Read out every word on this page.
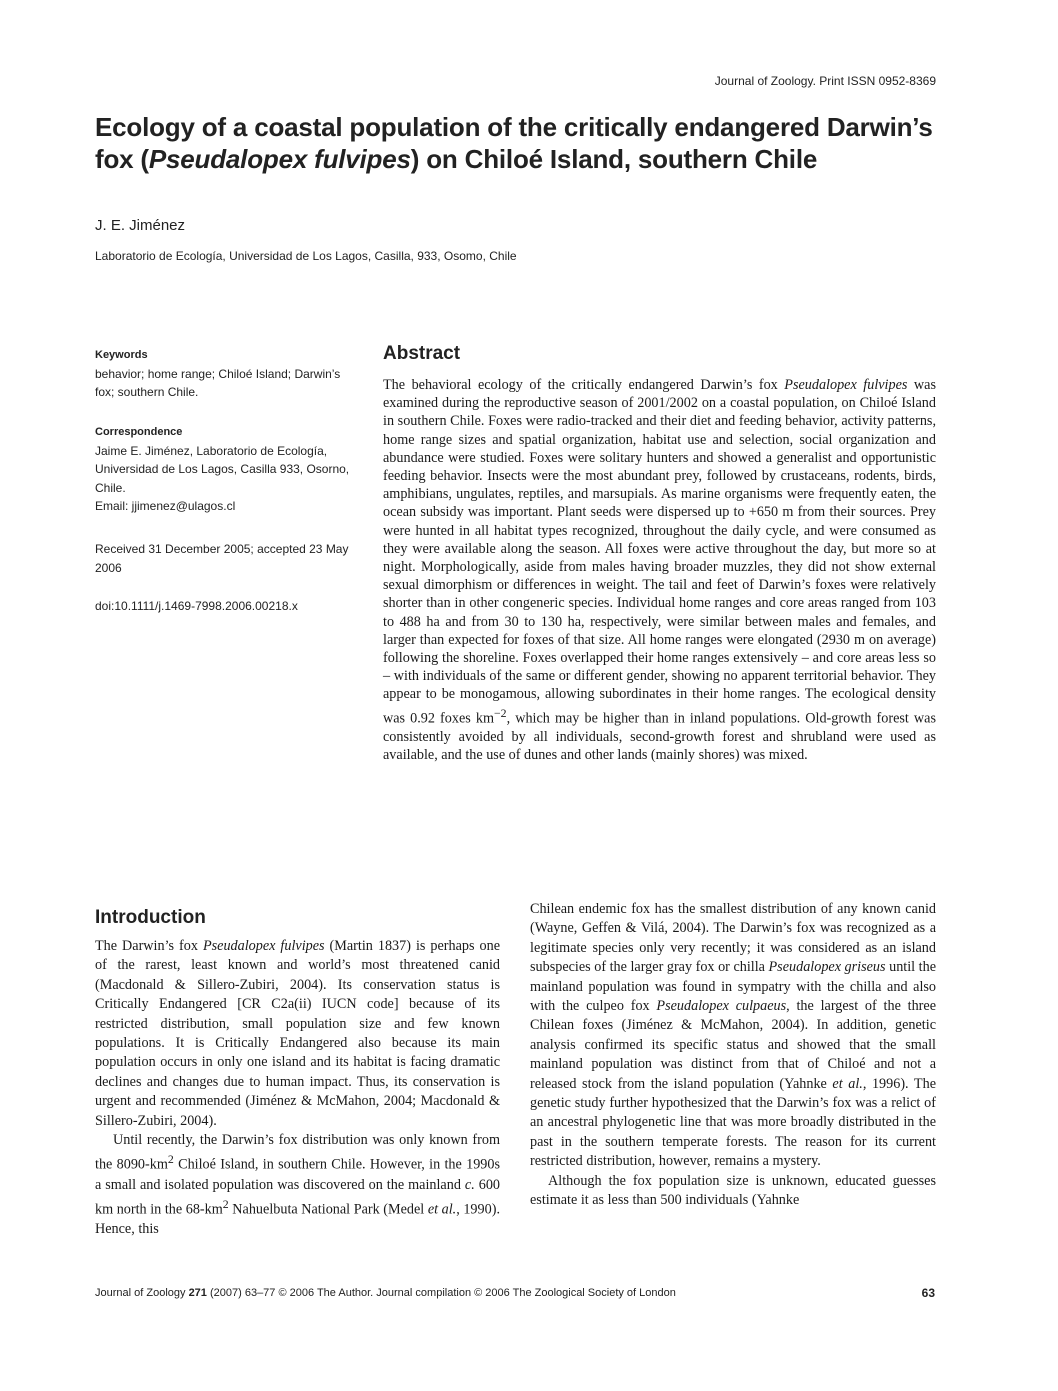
Journal of Zoology. Print ISSN 0952-8369
Ecology of a coastal population of the critically endangered Darwin’s fox (Pseudalopex fulvipes) on Chiloé Island, southern Chile
J. E. Jiménez
Laboratorio de Ecología, Universidad de Los Lagos, Casilla, 933, Osomo, Chile
Keywords
behavior; home range; Chiloé Island; Darwin’s fox; southern Chile.
Correspondence
Jaime E. Jiménez, Laboratorio de Ecología, Universidad de Los Lagos, Casilla 933, Osorno, Chile.
Email: jjimenez@ulagos.cl
Received 31 December 2005; accepted 23 May 2006
doi:10.1111/j.1469-7998.2006.00218.x
Abstract
The behavioral ecology of the critically endangered Darwin’s fox Pseudalopex fulvipes was examined during the reproductive season of 2001/2002 on a coastal population, on Chiloé Island in southern Chile. Foxes were radio-tracked and their diet and feeding behavior, activity patterns, home range sizes and spatial organization, habitat use and selection, social organization and abundance were studied. Foxes were solitary hunters and showed a generalist and opportunistic feeding behavior. Insects were the most abundant prey, followed by crustaceans, rodents, birds, amphibians, ungulates, reptiles, and marsupials. As marine organisms were frequently eaten, the ocean subsidy was important. Plant seeds were dispersed up to +650 m from their sources. Prey were hunted in all habitat types recognized, throughout the daily cycle, and were consumed as they were available along the season. All foxes were active throughout the day, but more so at night. Morphologically, aside from males having broader muzzles, they did not show external sexual dimorphism or differences in weight. The tail and feet of Darwin’s foxes were relatively shorter than in other congeneric species. Individual home ranges and core areas ranged from 103 to 488 ha and from 30 to 130 ha, respectively, were similar between males and females, and larger than expected for foxes of that size. All home ranges were elongated (2930 m on average) following the shoreline. Foxes overlapped their home ranges extensively – and core areas less so – with individuals of the same or different gender, showing no apparent territorial behavior. They appear to be monogamous, allowing subordinates in their home ranges. The ecological density was 0.92 foxes $km^{-2}$, which may be higher than in inland populations. Old-growth forest was consistently avoided by all individuals, second-growth forest and shrubland were used as available, and the use of dunes and other lands (mainly shores) was mixed.
Introduction

The Darwin’s fox Pseudalopex fulvipes (Martin 1837) is perhaps one of the rarest, least known and world’s most threatened canid (Macdonald & Sillero-Zubiri, 2004). Its conservation status is Critically Endangered [CR C2a(ii) IUCN code] because of its restricted distribution, small population size and few known populations. It is Critically Endangered also because its main population occurs in only one island and its habitat is facing dramatic declines and changes due to human impact. Thus, its conservation is urgent and recommended (Jiménez & McMahon, 2004; Macdonald & Sillero-Zubiri, 2004).

Until recently, the Darwin’s fox distribution was only known from the $8090-km^2$ Chiloé Island, in southern Chile. However, in the 1990s a small and isolated population was discovered on the mainland c. 600 km north in the $68-km^2$ Nahuelbuta National Park (Medel et al., 1990). Hence, this

Chilean endemic fox has the smallest distribution of any known canid (Wayne, Geffen & Vilá, 2004). The Darwin’s fox was recognized as a legitimate species only very recently; it was considered as an island subspecies of the larger gray fox or chilla Pseudalopex griseus until the mainland population was found in sympatry with the chilla and also with the culpeo fox Pseudalopex culpaeus, the largest of the three Chilean foxes (Jiménez & McMahon, 2004). In addition, genetic analysis confirmed its specific status and showed that the small mainland population was distinct from that of Chiloé and not a released stock from the island population (Yahnke et al., 1996). The genetic study further hypothesized that the Darwin’s fox was a relict of an ancestral phylogenetic line that was more broadly distributed in the past in the southern temperate forests. The reason for its current restricted distribution, however, remains a mystery.

Although the fox population size is unknown, educated guesses estimate it as less than 500 individuals (Yahnke

Journal of Zoology 271 (2007) 63–77 © 2006 The Author. Journal compilation © 2006 The Zoological Society of London	63
